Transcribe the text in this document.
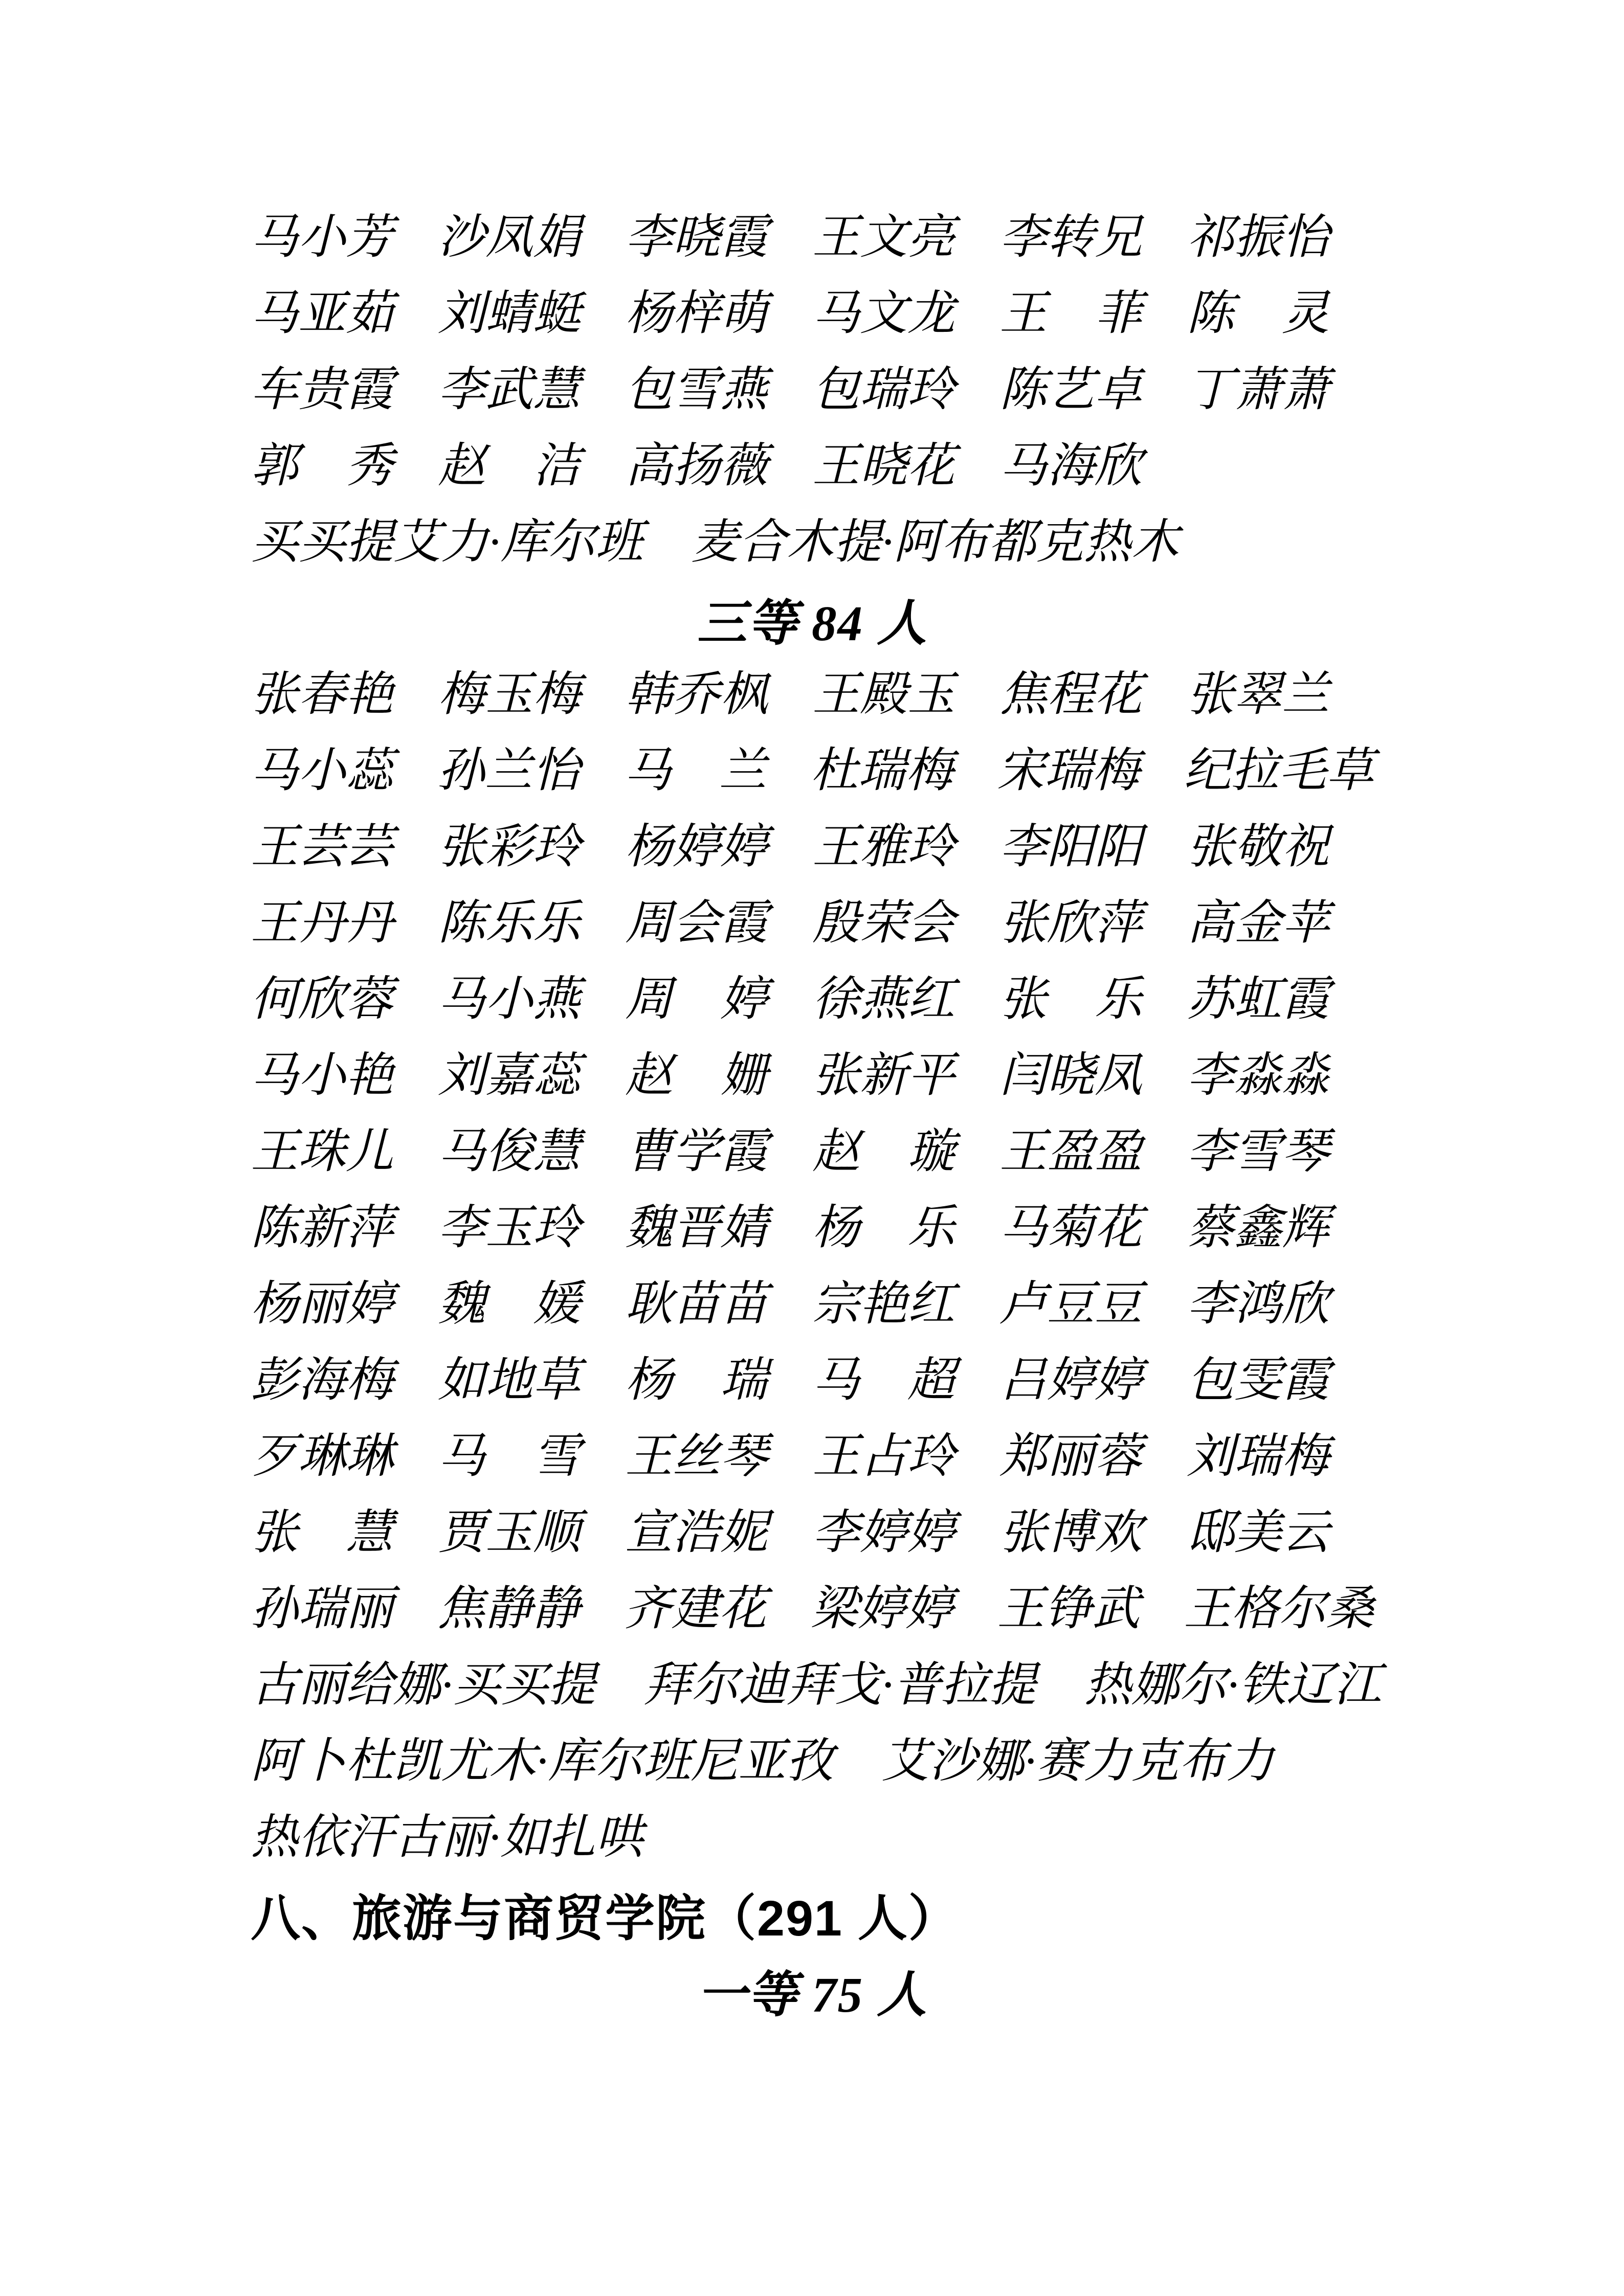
马小芳 沙凤娟 李晓霞 王文亮 李转兄 祁振怡
马亚茹 刘蜻蜓 杨梓萌 马文龙 王　菲 陈　灵
车贵霞 李武慧 包雪燕 包瑞玲 陈艺卓 丁萧萧
郭　秀 赵　洁 高扬薇 王晓花 马海欣
买买提艾力·库尔班 麦合木提·阿布都克热木
三等 84 人
张春艳 梅玉梅 韩乔枫 王殿玉 焦程花 张翠兰
马小蕊 孙兰怡 马　兰 杜瑞梅 宋瑞梅 纪拉毛草
王芸芸 张彩玲 杨婷婷 王雅玲 李阳阳 张敬祝
王丹丹 陈乐乐 周会霞 殷荣会 张欣萍 高金苹
何欣蓉 马小燕 周　婷 徐燕红 张　乐 苏虹霞
马小艳 刘嘉蕊 赵　姗 张新平 闫晓凤 李淼淼
王珠儿 马俊慧 曹学霞 赵　璇 王盈盈 李雪琴
陈新萍 李玉玲 魏晋婧 杨　乐 马菊花 蔡鑫辉
杨丽婷 魏　媛 耿苗苗 宗艳红 卢豆豆 李鸿欣
彭海梅 如地草 杨　瑞 马　超 吕婷婷 包雯霞
歹琳琳 马　雪 王丝琴 王占玲 郑丽蓉 刘瑞梅
张　慧 贾玉顺 宣浩妮 李婷婷 张博欢 邸美云
孙瑞丽 焦静静 齐建花 梁婷婷 王铮武 王格尔桑
古丽给娜·买买提 拜尔迪拜戈·普拉提 热娜尔·铁辽江
阿卜杜凯尤木·库尔班尼亚孜 艾沙娜·赛力克布力
热依汗古丽·如扎哄
八、旅游与商贸学院（291 人）
一等 75 人
